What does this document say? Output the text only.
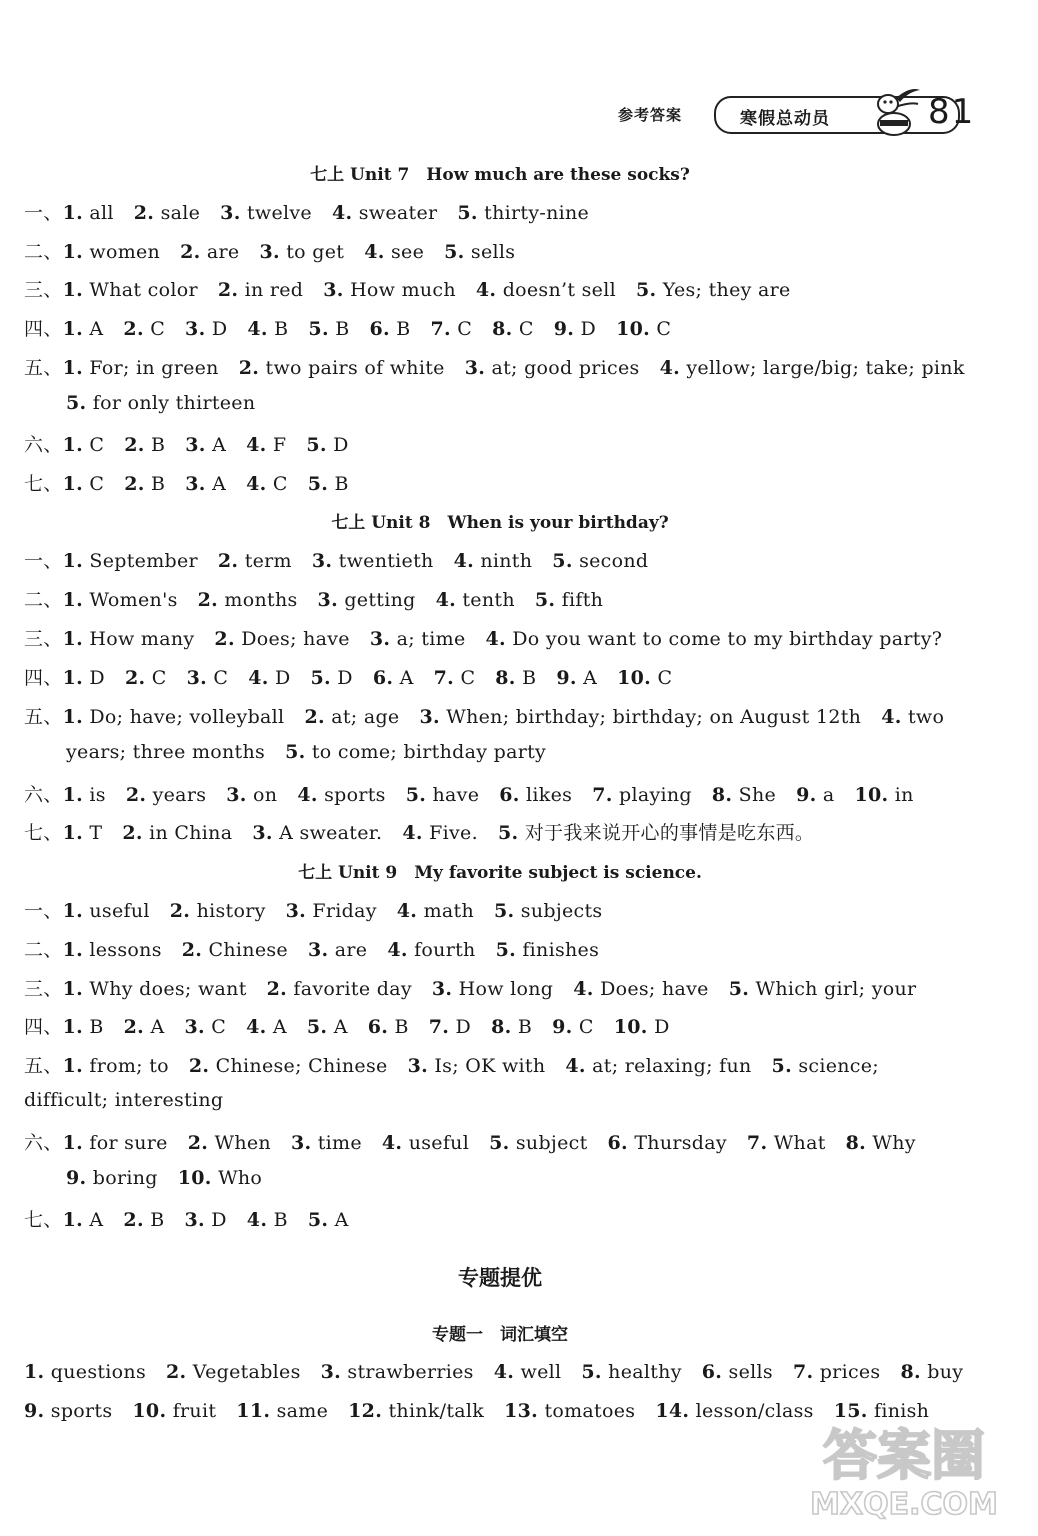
参考答案	寒假总动员	81
七上 Unit 7　How much are these socks?
一、1. all 2. sale 3. twelve 4. sweater 5. thirty-nine
二、1. women 2. are 3. to get 4. see 5. sells
三、1. What color 2. in red 3. How much 4. doesn’t sell 5. Yes; they are
四、1. A 2. C 3. D 4. B 5. B 6. B 7. C 8. C 9. D 10. C
五、1. For; in green 2. two pairs of white 3. at; good prices 4. yellow; large/big; take; pink
5. for only thirteen
六、1. C 2. B 3. A 4. F 5. D
七、1. C 2. B 3. A 4. C 5. B
七上 Unit 8　When is your birthday?
一、1. September 2. term 3. twentieth 4. ninth 5. second
二、1. Women's 2. months 3. getting 4. tenth 5. fifth
三、1. How many 2. Does; have 3. a; time 4. Do you want to come to my birthday party?
四、1. D 2. C 3. C 4. D 5. D 6. A 7. C 8. B 9. A 10. C
五、1. Do; have; volleyball 2. at; age 3. When; birthday; birthday; on August 12th 4. two
years; three months 5. to come; birthday party
六、1. is 2. years 3. on 4. sports 5. have 6. likes 7. playing 8. She 9. a 10. in
七、1. T 2. in China 3. A sweater. 4. Five. 5. 对于我来说开心的事情是吃东西。
七上 Unit 9　My favorite subject is science.
一、1. useful 2. history 3. Friday 4. math 5. subjects
二、1. lessons 2. Chinese 3. are 4. fourth 5. finishes
三、1. Why does; want 2. favorite day 3. How long 4. Does; have 5. Which girl; your
四、1. B 2. A 3. C 4. A 5. A 6. B 7. D 8. B 9. C 10. D
五、1. from; to 2. Chinese; Chinese 3. Is; OK with 4. at; relaxing; fun 5. science;
difficult; interesting
六、1. for sure 2. When 3. time 4. useful 5. subject 6. Thursday 7. What 8. Why
9. boring 10. Who
七、1. A 2. B 3. D 4. B 5. A
专题提优
专题一　词汇填空
1. questions 2. Vegetables 3. strawberries 4. well 5. healthy 6. sells 7. prices 8. buy
9. sports 10. fruit 11. same 12. think/talk 13. tomatoes 14. lesson/class 15. finish
答案圈
MXQE.COM
